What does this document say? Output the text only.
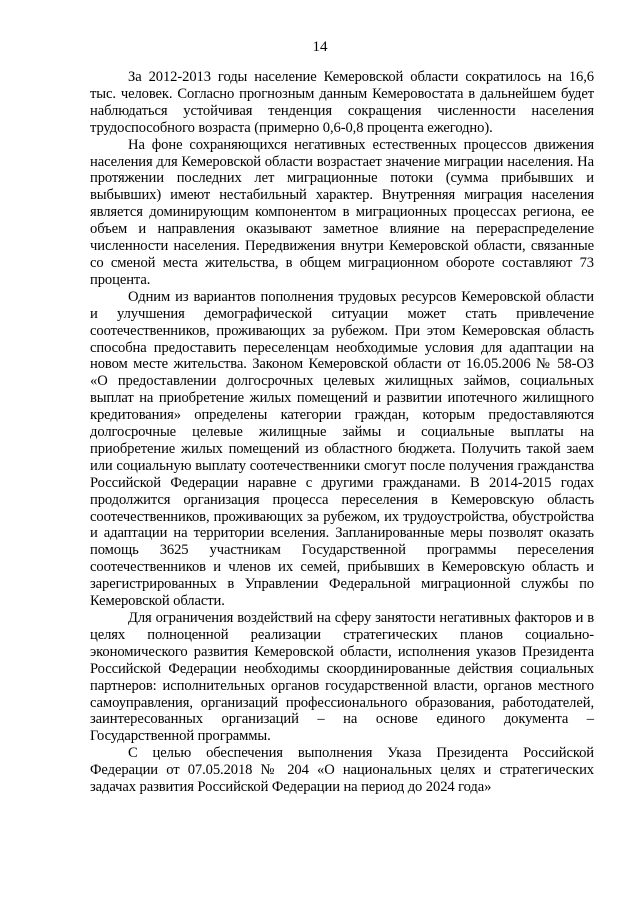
14

За 2012-2013 годы население Кемеровской области сократилось на 16,6 тыс. человек. Согласно прогнозным данным Кемеровостата в дальнейшем будет наблюдаться устойчивая тенденция сокращения численности населения трудоспособного возраста (примерно 0,6-0,8 процента ежегодно).

На фоне сохраняющихся негативных естественных процессов движения населения для Кемеровской области возрастает значение миграции населения. На протяжении последних лет миграционные потоки (сумма прибывших и выбывших) имеют нестабильный характер. Внутренняя миграция населения является доминирующим компонентом в миграционных процессах региона, ее объем и направления оказывают заметное влияние на перераспределение численности населения. Передвижения внутри Кемеровской области, связанные со сменой места жительства, в общем миграционном обороте составляют 73 процента.

Одним из вариантов пополнения трудовых ресурсов Кемеровской области и улучшения демографической ситуации может стать привлечение соотечественников, проживающих за рубежом. При этом Кемеровская область способна предоставить переселенцам необходимые условия для адаптации на новом месте жительства. Законом Кемеровской области от 16.05.2006 № 58-ОЗ «О предоставлении долгосрочных целевых жилищных займов, социальных выплат на приобретение жилых помещений и развитии ипотечного жилищного кредитования» определены категории граждан, которым предоставляются долгосрочные целевые жилищные займы и социальные выплаты на приобретение жилых помещений из областного бюджета. Получить такой заем или социальную выплату соотечественники смогут после получения гражданства Российской Федерации наравне с другими гражданами. В 2014-2015 годах продолжится организация процесса переселения в Кемеровскую область соотечественников, проживающих за рубежом, их трудоустройства, обустройства и адаптации на территории вселения. Запланированные меры позволят оказать помощь 3625 участникам Государственной программы переселения соотечественников и членов их семей, прибывших в Кемеровскую область и зарегистрированных в Управлении Федеральной миграционной службы по Кемеровской области.

Для ограничения воздействий на сферу занятости негативных факторов и в целях полноценной реализации стратегических планов социально-экономического развития Кемеровской области, исполнения указов Президента Российской Федерации необходимы скоординированные действия социальных партнеров: исполнительных органов государственной власти, органов местного самоуправления, организаций профессионального образования, работодателей, заинтересованных организаций – на основе единого документа – Государственной программы.

С целью обеспечения выполнения Указа Президента Российской Федерации от 07.05.2018 № 204 «О национальных целях и стратегических задачах развития Российской Федерации на период до 2024 года»
